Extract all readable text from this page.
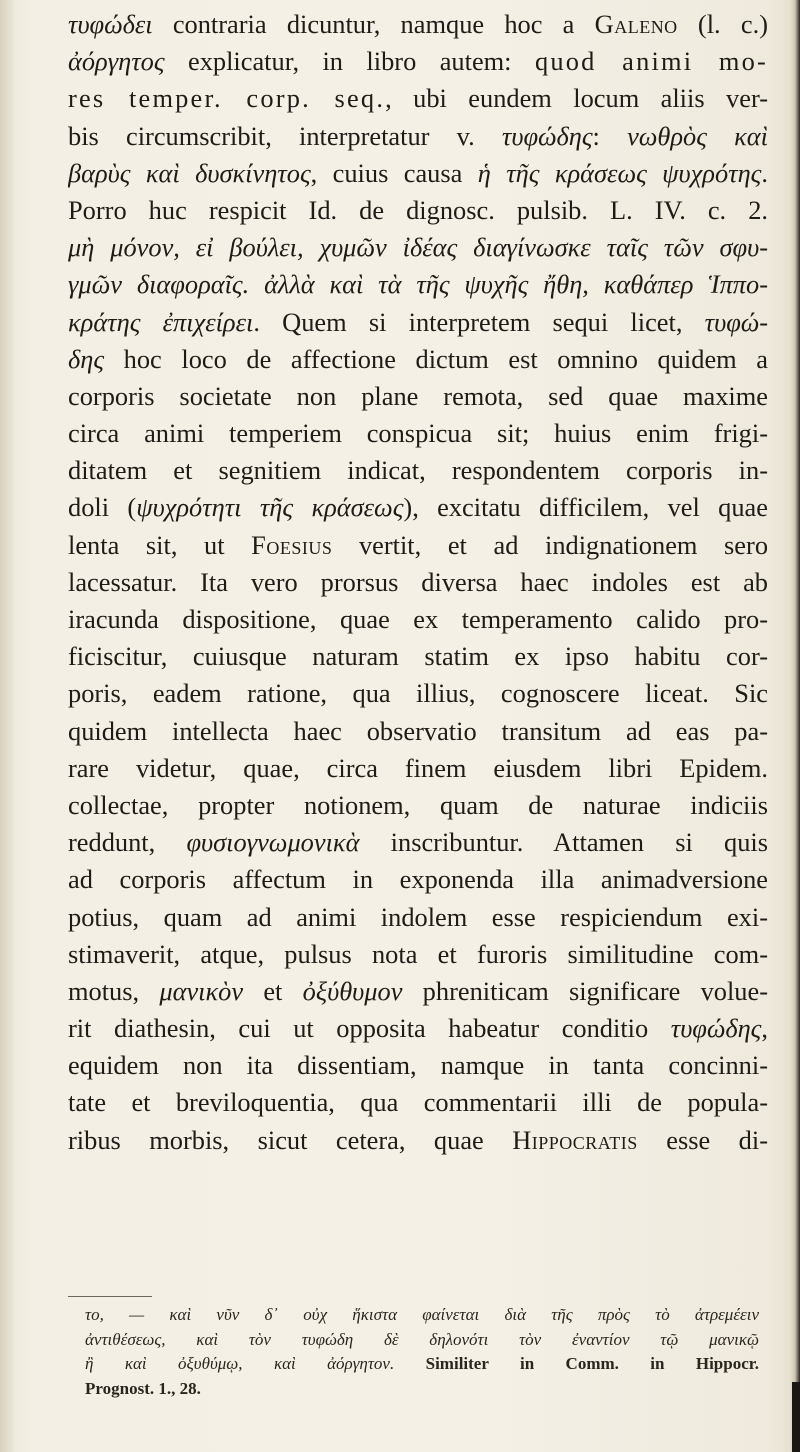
τυφώδει contraria dicuntur, namque hoc a Galeno (l. c.)
ἀόργητος explicatur, in libro autem: quod animi mo-
res temper. corp. seq., ubi eundem locum aliis ver-
bis circumscribit, interpretatur v. τυφώδης: νωθρὸς καὶ
βαρὺς καὶ δυσκίνητος, cuius causa ἡ τῆς κράσεως ψυχρότης.
Porro huc respicit Id. de dignosc. pulsib. L. IV. c. 2.
μὴ μόνον, εἰ βούλει, χυμῶν ἰδέας διαγίνωσκε ταῖς τῶν σφυ-
γμῶν διαφοραῖς. ἀλλὰ καὶ τὰ τῆς ψυχῆς ἤθη, καθάπερ Ἱππο-
κράτης ἐπιχείρει. Quem si interpretem sequi licet, τυφώ-
δης hoc loco de affectione dictum est omnino quidem a
corporis societate non plane remota, sed quae maxime
circa animi temperiem conspicua sit; huius enim frigi-
ditatem et segnitiem indicat, respondentem corporis in-
doli (ψυχρότητι τῆς κράσεως), excitatu difficilem, vel quae
lenta sit, ut Foesius vertit, et ad indignationem sero
lacessatur. Ita vero prorsus diversa haec indoles est ab
iracunda dispositione, quae ex temperamento calido pro-
ficiscitur, cuiusque naturam statim ex ipso habitu cor-
poris, eadem ratione, qua illius, cognoscere liceat. Sic
quidem intellecta haec observatio transitum ad eas pa-
rare videtur, quae, circa finem eiusdem libri Epidem.
collectae, propter notionem, quam de naturae indiciis
reddunt, φυσιογνωμονικὰ inscribuntur. Attamen si quis
ad corporis affectum in exponenda illa animadversione
potius, quam ad animi indolem esse respiciendum exi-
stimaverit, atque, pulsus nota et furoris similitudine com-
motus, μανικὸν et ὀξύθυμον phreniticam significare volue-
rit diathesin, cui ut opposita habeatur conditio τυφώδης,
equidem non ita dissentiam, namque in tanta concinni-
tate et breviloquentia, qua commentarii illi de popula-
ribus morbis, sicut cetera, quae Hippocratis esse di-
το, — καὶ νῦν δ᾿ οὐχ ἥκιστα φαίνεται διὰ τῆς πρὸς τὸ ἀτρεμέειν
ἀντιθέσεως, καὶ τὸν τυφώδη δὲ δηλονότι τὸν ἐναντίον τῷ μανικῷ
ἢ καὶ ὀξυθύμῳ, καὶ ἀόργητον. Similiter in Comm. in Hippocr.
Prognost. 1., 28.
